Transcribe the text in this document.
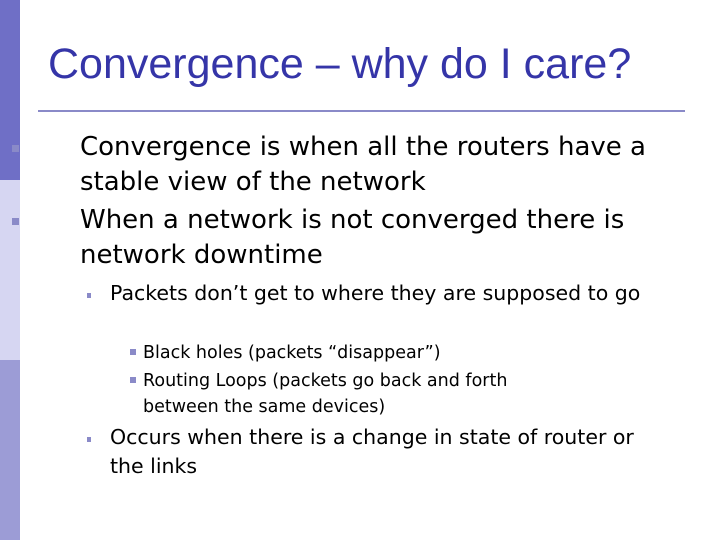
Convergence – why do I care?
Convergence is when all the routers have a stable view of the network
When a network is not converged there is network downtime
Packets don’t get to where they are supposed to go
Black holes (packets “disappear”)
Routing Loops (packets go back and forth between the same devices)
Occurs when there is a change in state of router or the links
